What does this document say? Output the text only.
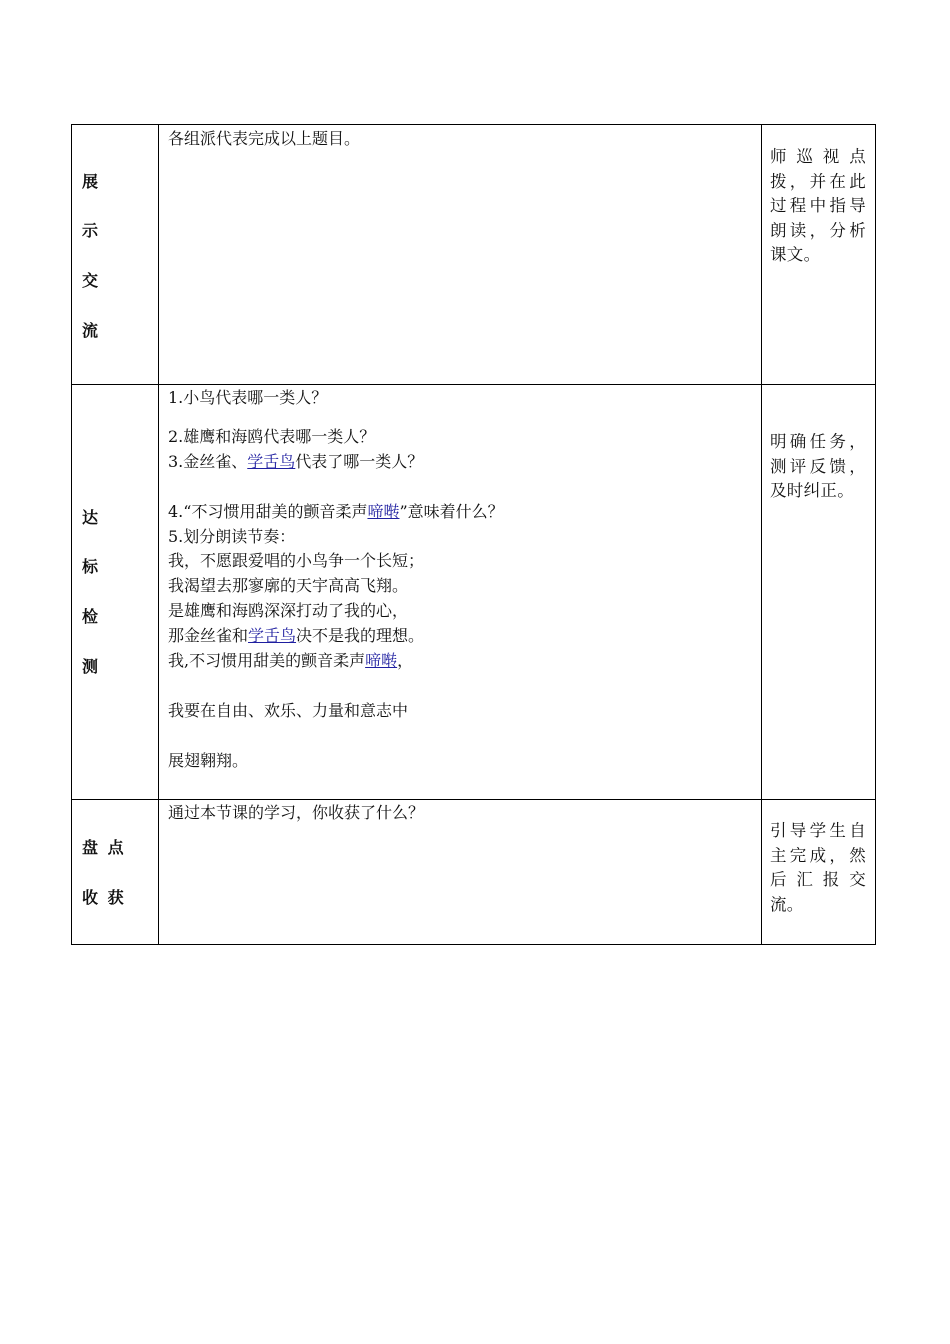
展
示
交
流
各组派代表完成以上题目。
师巡视点拨，并在此过程中指导朗读，分析课文。
达
标
检
测
1.小鸟代表哪一类人？
2.雄鹰和海鸥代表哪一类人？
3.金丝雀、学舌鸟代表了哪一类人？
4.“不习惯用甜美的颤音柔声啼啭”意味着什么？
5.划分朗读节奏：
我，不愿跟爱唱的小鸟争一个长短；
我渴望去那寥廓的天宇高高飞翔。
是雄鹰和海鸥深深打动了我的心，
那金丝雀和学舌鸟决不是我的理想。
我,不习惯用甜美的颤音柔声啼啭，
我要在自由、欢乐、力量和意志中
展翅翱翔。
明确任务，测评反馈，及时纠正。
盘 点
收 获
通过本节课的学习，你收获了什么？
引导学生自主完成，然后汇报交流。
